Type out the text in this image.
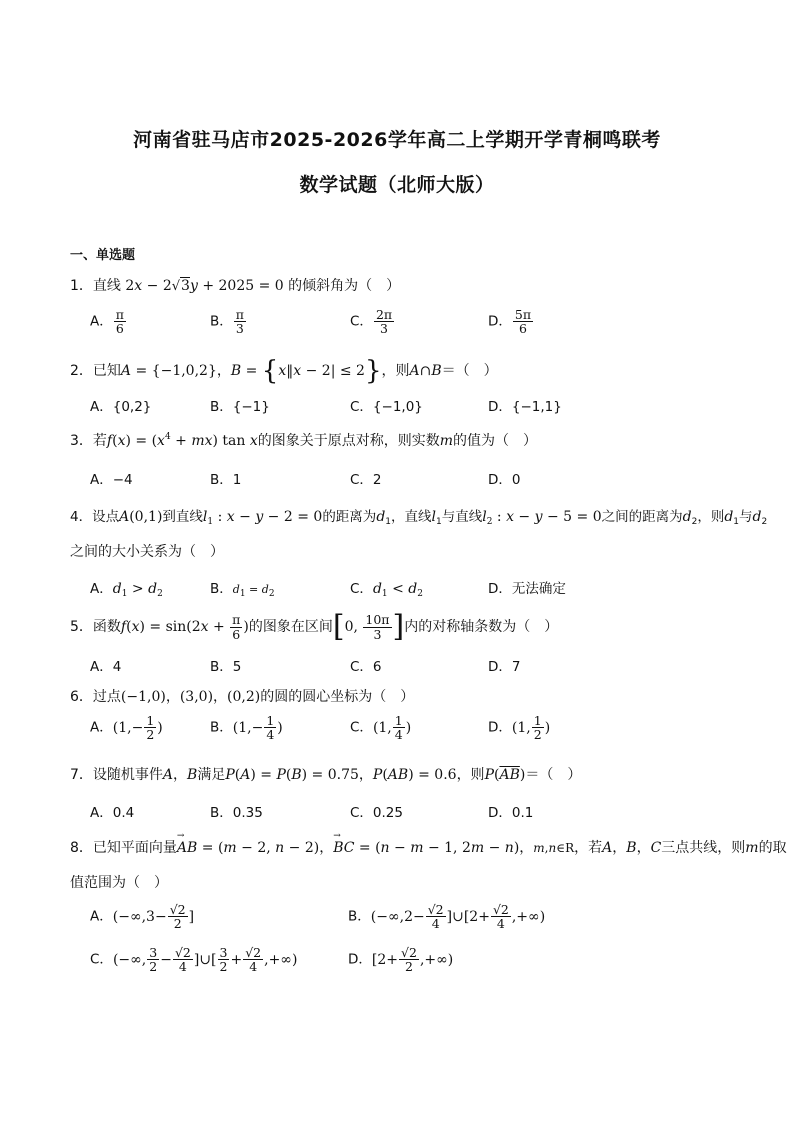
河南省驻马店市2025-2026学年高二上学期开学青桐鸣联考
数学试题（北师大版）
一、单选题
1．直线 2x − 2√3y + 2025 = 0 的倾斜角为（　）
A． $\frac{\pi}{6}$	B． $\frac{\pi}{3}$	C． $\frac{2\pi}{3}$	D． $\frac{5\pi}{6}$
2．已知A = {−1,0,2}，B = {x‖x − 2| ≤ 2}，则A∩B＝（　）
A．{0,2}	B．{−1}	C．{−1,0}	D．{−1,1}
3．若$f(x) = (x^4 + mx)$ tan x的图象关于原点对称，则实数m的值为（　）
A．−4	B．1	C．2	D．0
4．设点A(0,1)到直线$l_1$ : x − y − 2 = 0的距离为$d_1$，直线$l_1$与直线$l_2$ : x − y − 5 = 0之间的距离为$d_2$，则$d_1$与$d_2$
之间的大小关系为（　）
A．$d_1 > d_2$	B．$d_1 = d_2$	C．$d_1 < d_2$	D．无法确定
5．函数$f(x) = \sin(2x + \frac{\pi}{6}$ )的图象在区间[0, $\frac{10\pi}{3}$ ]内的对称轴条数为（　）
A．4	B．5	C．6	D．7
6．过点(−1,0)，(3,0)，(0,2)的圆的圆心坐标为（　）
A．($1,- \frac{1}{2}$ )	B．($1,- \frac{1}{4}$ )	C．(1, $\frac{1}{4}$ )	D．(1, $\frac{1}{2}$ )
7．设随机事件A，B满足P(A) = P(B) = 0.75，P(AB) = 0.6，则$P(\overline{AB})=$（　）
A．0.4	B．0.35	C．0.25	D．0.1
8．已知平面向量→ AB = (m − 2, n − 2)，→ BC = (n − m − 1, 2m − n)，m,n∈R，若A，B，C三点共线，则m的取
值范围为（　）
A．($-\infty,3- \frac{√2}{2}$ ]	B．($-\infty,2- \frac{√2}{4}$ ]∪[2+ $\frac{√2}{4}$ ,+∞)
C．(−∞, $\frac{3}{2} - \frac{√2}{4}$ ]∪[ $\frac{3}{2} + \frac{√2}{4}$ ,+∞)	D．[$2+ \frac{√2}{2}$ ,+∞)
